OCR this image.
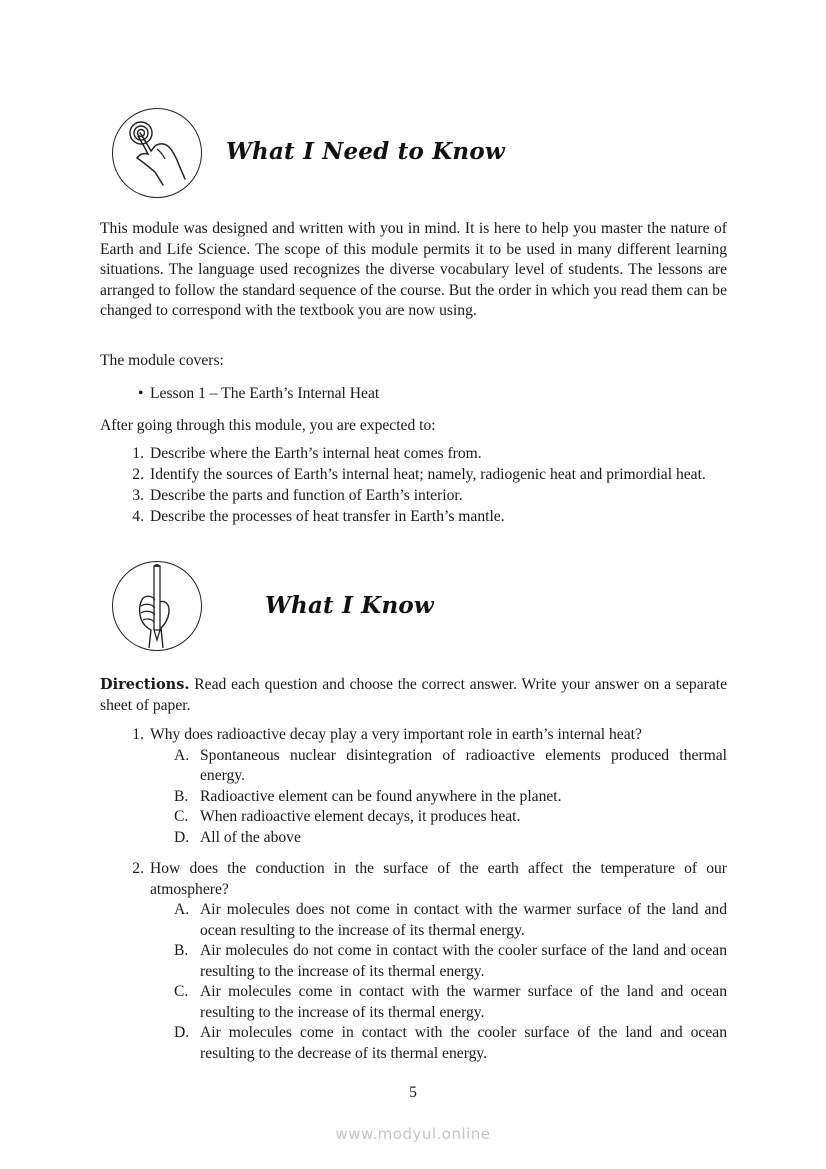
What I Need to Know
This module was designed and written with you in mind. It is here to help you master the nature of Earth and Life Science. The scope of this module permits it to be used in many different learning situations. The language used recognizes the diverse vocabulary level of students. The lessons are arranged to follow the standard sequence of the course. But the order in which you read them can be changed to correspond with the textbook you are now using.
The module covers:
• Lesson 1 – The Earth’s Internal Heat
After going through this module, you are expected to:
1. Describe where the Earth’s internal heat comes from.
2. Identify the sources of Earth’s internal heat; namely, radiogenic heat and primordial heat.
3. Describe the parts and function of Earth’s interior.
4. Describe the processes of heat transfer in Earth’s mantle.
What I Know
Directions. Read each question and choose the correct answer. Write your answer on a separate sheet of paper.
1. Why does radioactive decay play a very important role in earth’s internal heat?
A. Spontaneous nuclear disintegration of radioactive elements produced thermal energy.
B. Radioactive element can be found anywhere in the planet.
C. When radioactive element decays, it produces heat.
D. All of the above
2. How does the conduction in the surface of the earth affect the temperature of our atmosphere?
A. Air molecules does not come in contact with the warmer surface of the land and ocean resulting to the increase of its thermal energy.
B. Air molecules do not come in contact with the cooler surface of the land and ocean resulting to the increase of its thermal energy.
C. Air molecules come in contact with the warmer surface of the land and ocean resulting to the increase of its thermal energy.
D. Air molecules come in contact with the cooler surface of the land and ocean resulting to the decrease of its thermal energy.
5
www.modyul.online
